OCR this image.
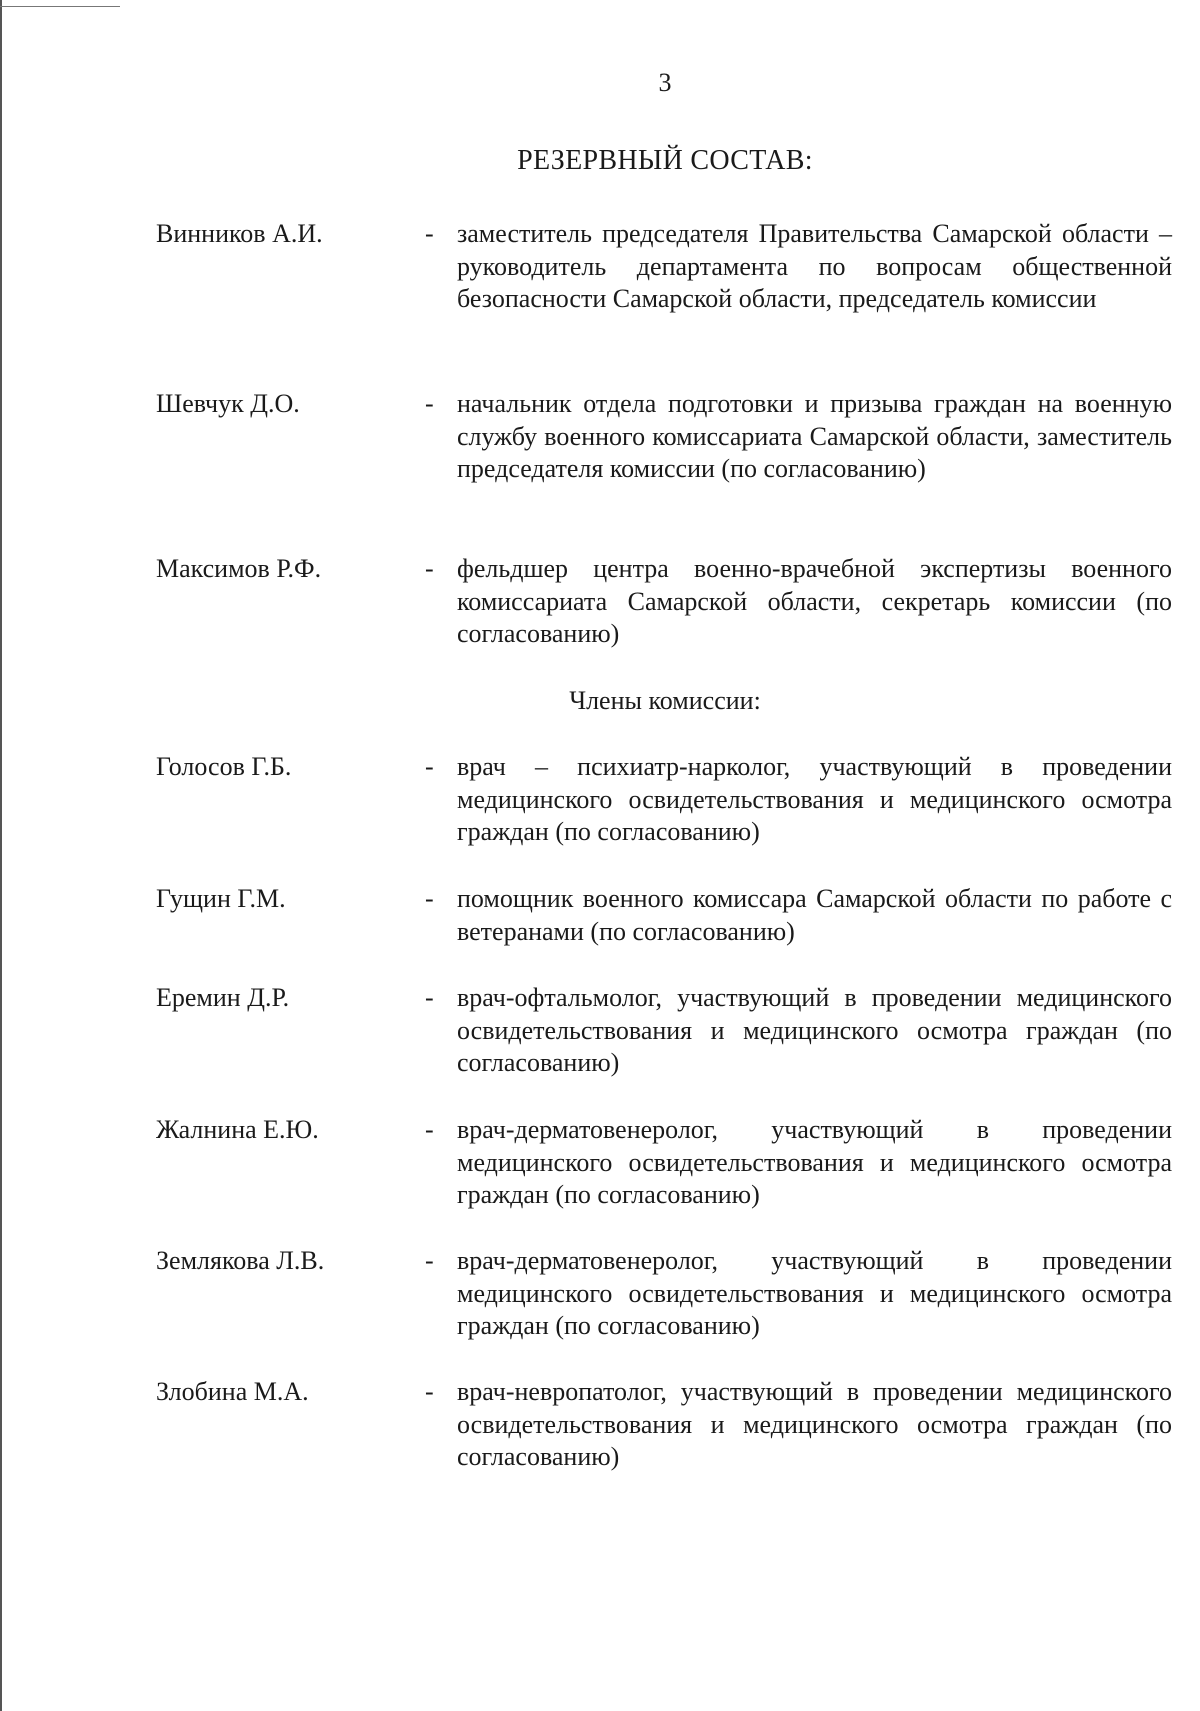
3
РЕЗЕРВНЫЙ СОСТАВ:
Винников А.И.	- заместитель председателя Правительства Самарской области – руководитель департамента по вопросам общественной безопасности Самарской области, председатель комиссии
Шевчук Д.О.	- начальник отдела подготовки и призыва граждан на военную службу военного комиссариата Самарской области, заместитель председателя комиссии (по согласованию)
Максимов Р.Ф.	- фельдшер центра военно-врачебной экспертизы военного комиссариата Самарской области, секретарь комиссии (по согласованию)
Члены комиссии:
Голосов Г.Б.	- врач – психиатр-нарколог, участвующий в проведении медицинского освидетельствования и медицинского осмотра граждан (по согласованию)
Гущин Г.М.	- помощник военного комиссара Самарской области по работе с ветеранами (по согласованию)
Еремин Д.Р.	- врач-офтальмолог, участвующий в проведении медицинского освидетельствования и медицинского осмотра граждан (по согласованию)
Жалнина Е.Ю.	- врач-дерматовенеролог, участвующий в проведении медицинского освидетельствования и медицинского осмотра граждан (по согласованию)
Землякова Л.В.	- врач-дерматовенеролог, участвующий в проведении медицинского освидетельствования и медицинского осмотра граждан (по согласованию)
Злобина М.А.	- врач-невропатолог, участвующий в проведении медицинского освидетельствования и медицинского осмотра граждан (по согласованию)
